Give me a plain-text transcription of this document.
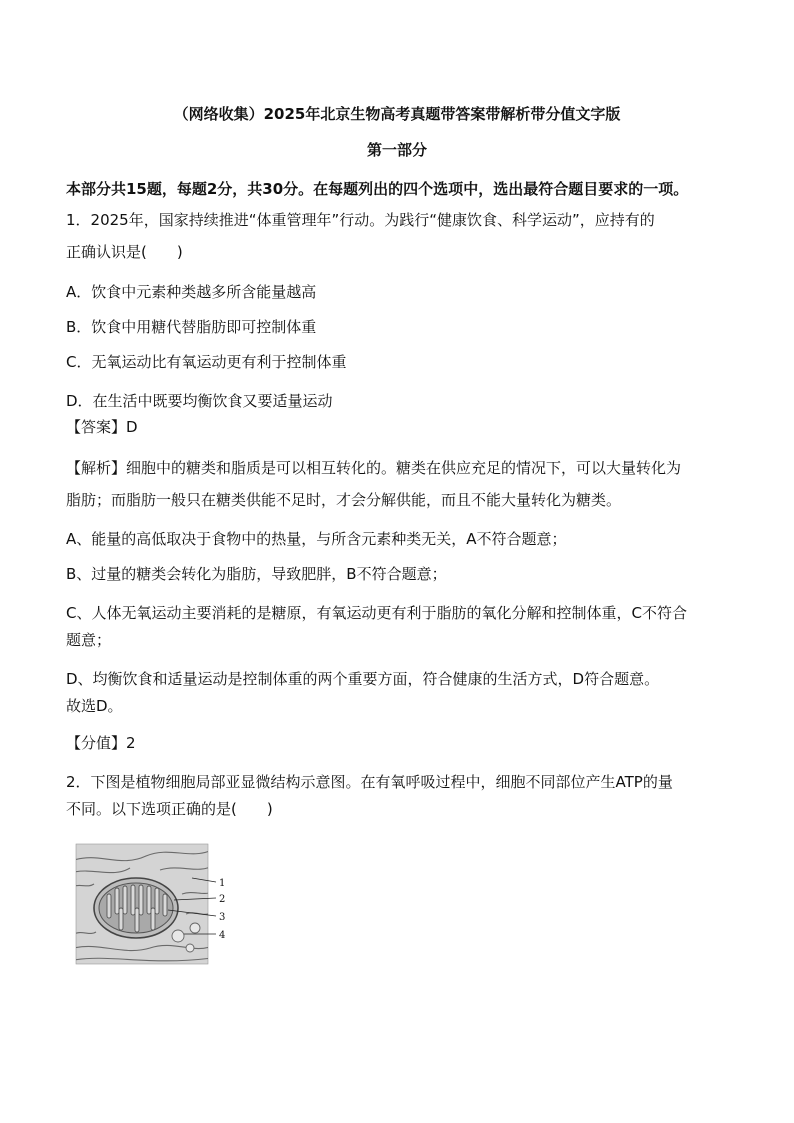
（网络收集）2025年北京生物高考真题带答案带解析带分值文字版
第一部分
本部分共15题，每题2分，共30分。在每题列出的四个选项中，选出最符合题目要求的一项。
1．2025年，国家持续推进“体重管理年”行动。为践行“健康饮食、科学运动”，应持有的
正确认识是(　　)
A．饮食中元素种类越多所含能量越高
B．饮食中用糖代替脂肪即可控制体重
C．无氧运动比有氧运动更有利于控制体重
D．在生活中既要均衡饮食又要适量运动
【答案】D
【解析】细胞中的糖类和脂质是可以相互转化的。糖类在供应充足的情况下，可以大量转化为
脂肪；而脂肪一般只在糖类供能不足时，才会分解供能，而且不能大量转化为糖类。
A、能量的高低取决于食物中的热量，与所含元素种类无关，A不符合题意；
B、过量的糖类会转化为脂肪，导致肥胖，B不符合题意；
C、人体无氧运动主要消耗的是糖原，有氧运动更有利于脂肪的氧化分解和控制体重，C不符合
题意；
D、均衡饮食和适量运动是控制体重的两个重要方面，符合健康的生活方式，D符合题意。
故选D。
【分值】2
2．下图是植物细胞局部亚显微结构示意图。在有氧呼吸过程中，细胞不同部位产生ATP的量
不同。以下选项正确的是(　　)
1
2
3
4
